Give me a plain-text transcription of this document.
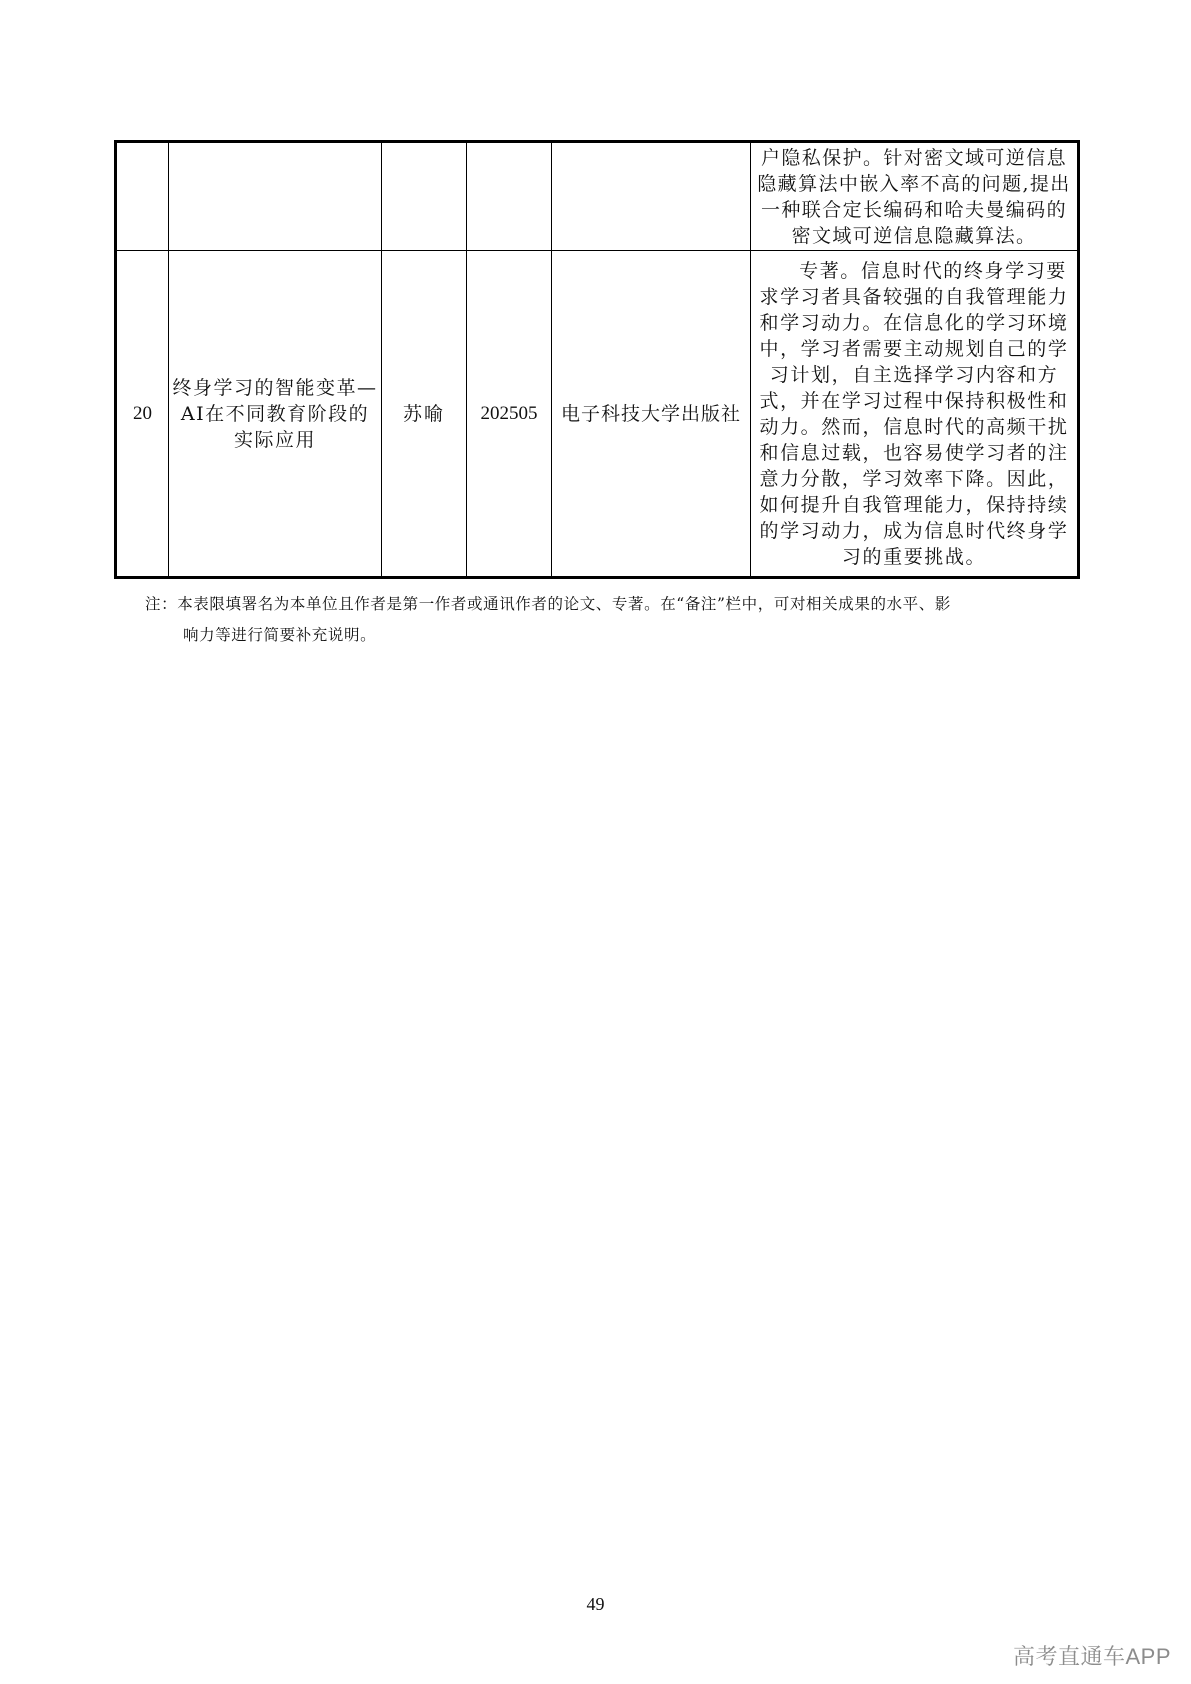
					户隐私保护。针对密文域可逆信息隐藏算法中嵌入率不高的问题,提出一种联合定长编码和哈夫曼编码的密文域可逆信息隐藏算法。
20	终身学习的智能变革—
AI在不同教育阶段的
实际应用	苏喻	202505	电子科技大学出版社	专著。信息时代的终身学习要求学习者具备较强的自我管理能力和学习动力。在信息化的学习环境中，学习者需要主动规划自己的学习计划，自主选择学习内容和方式，并在学习过程中保持积极性和动力。然而，信息时代的高频干扰和信息过载，也容易使学习者的注意力分散，学习效率下降。因此，如何提升自我管理能力，保持持续的学习动力，成为信息时代终身学习的重要挑战。
注：本表限填署名为本单位且作者是第一作者或通讯作者的论文、专著。在“备注”栏中，可对相关成果的水平、影
响力等进行简要补充说明。
49
高考直通车APP
